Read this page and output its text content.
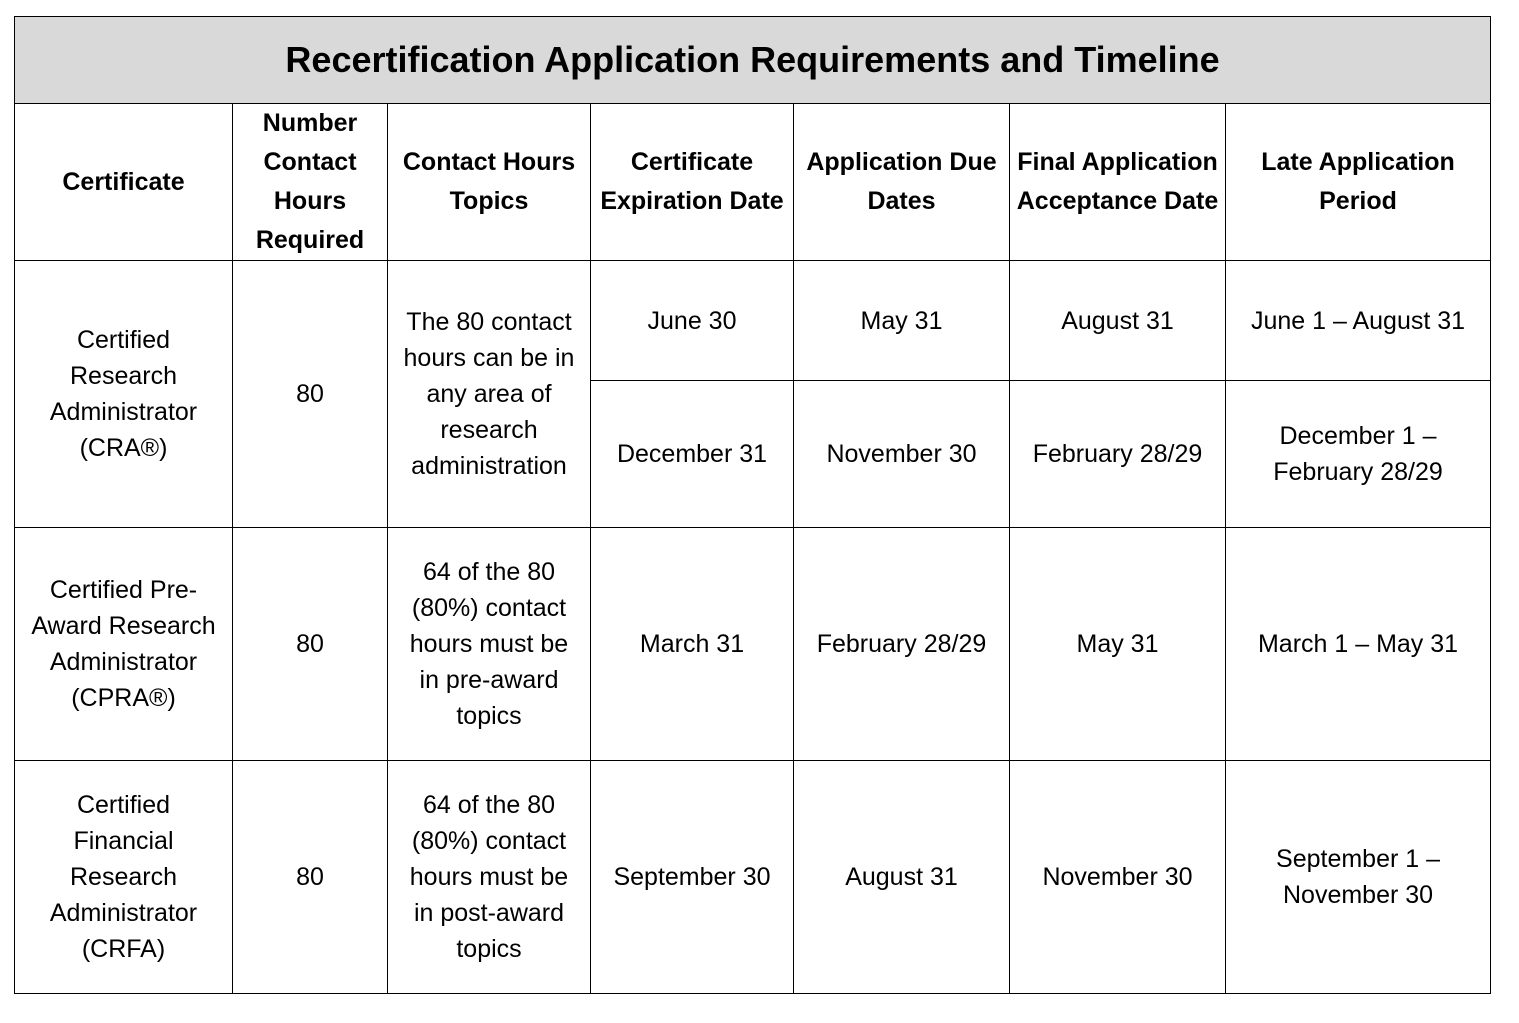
Recertification Application Requirements and Timeline						
Certificate	Number Contact Hours Required	Contact Hours Topics	Certificate Expiration Date	Application Due Dates	Final Application Acceptance Date	Late Application Period
Certified Research Administrator (CRA®)	80	The 80 contact hours can be in any area of research administration	June 30	May 31	August 31	June 1 – August 31
			December 31	November 30	February 28/29	December 1 – February 28/29
Certified Pre-Award Research Administrator (CPRA®)	80	64 of the 80 (80%) contact hours must be in pre-award topics	March 31	February 28/29	May 31	March 1 – May 31
Certified Financial Research Administrator (CRFA)	80	64 of the 80 (80%) contact hours must be in post-award topics	September 30	August 31	November 30	September 1 – November 30
